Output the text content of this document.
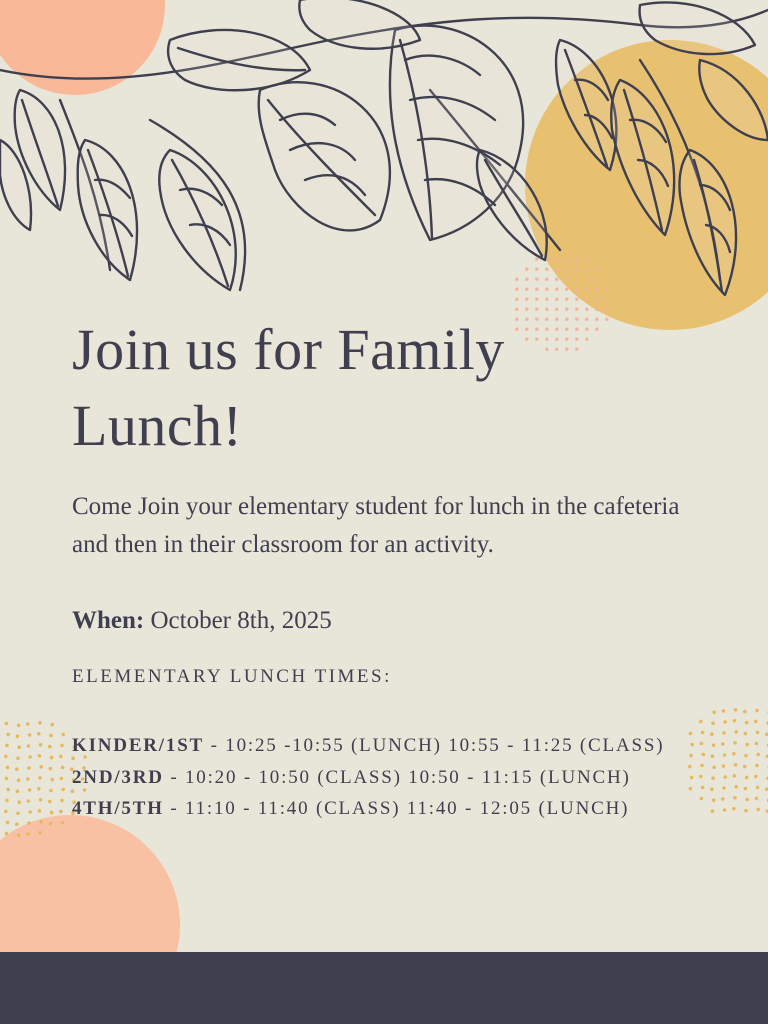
Join us for Family Lunch!

Come Join your elementary student for lunch in the cafeteria and then in their classroom for an activity.

When: October 8th, 2025

ELEMENTARY LUNCH TIMES:

KINDER/1ST - 10:25 -10:55 (LUNCH) 10:55 - 11:25 (CLASS)
2ND/3RD - 10:20 - 10:50 (CLASS) 10:50 - 11:15 (LUNCH)
4TH/5TH - 11:10 - 11:40 (CLASS) 11:40 - 12:05 (LUNCH)
